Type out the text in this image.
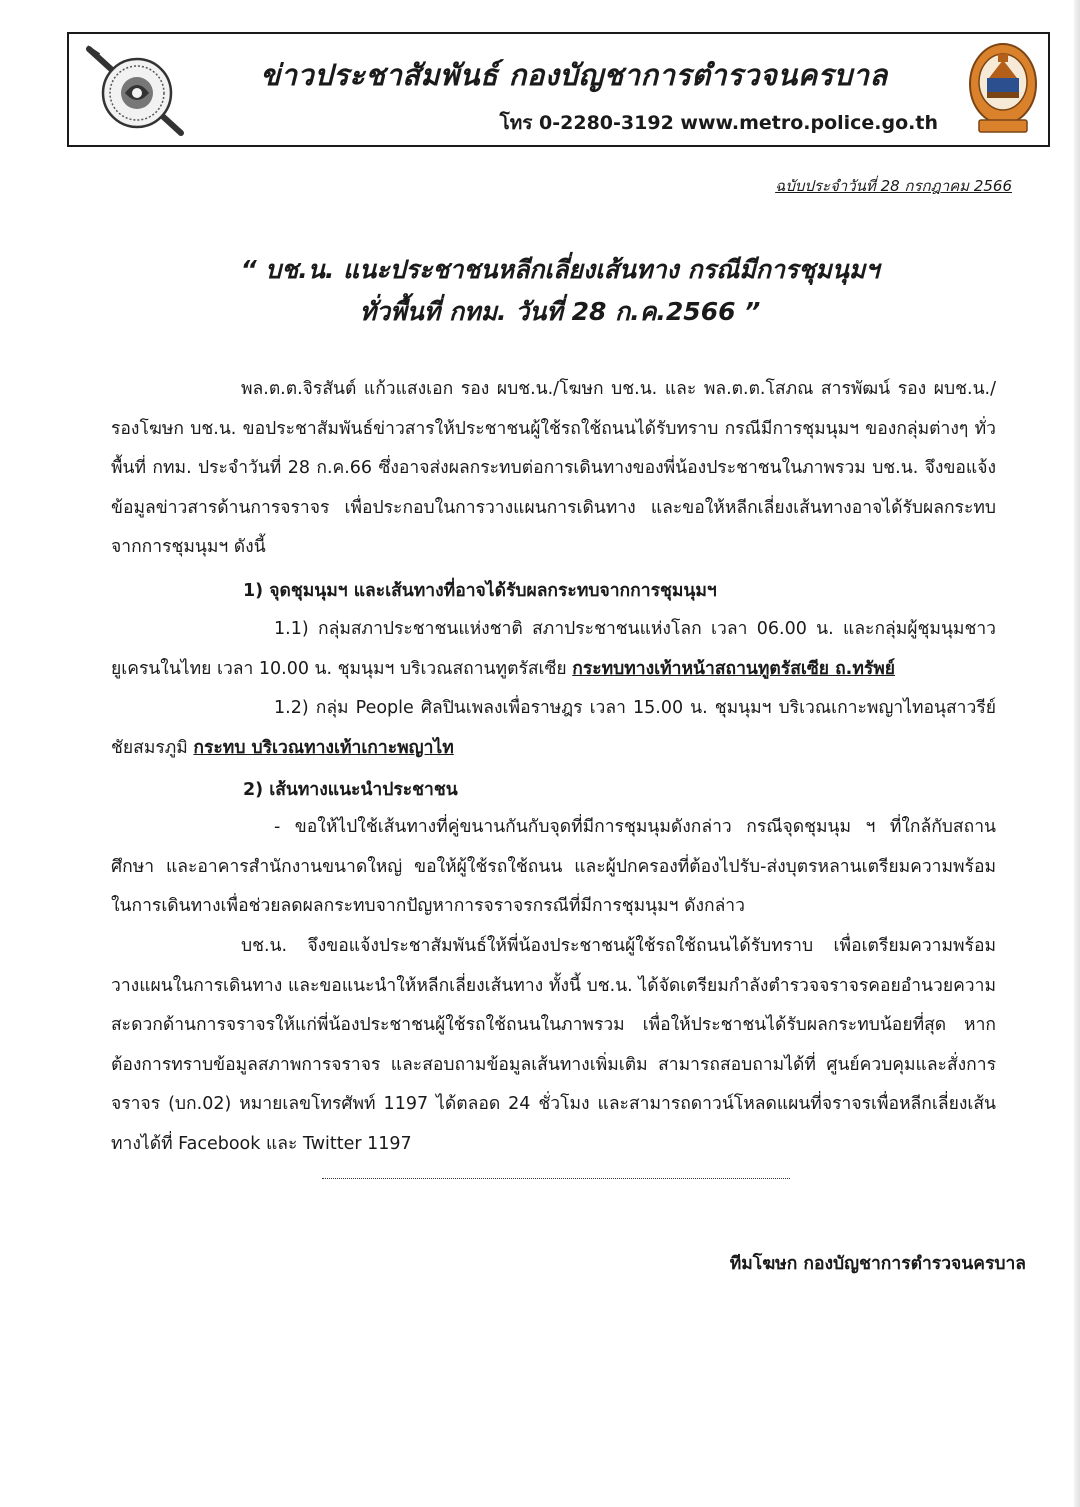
ข่าวประชาสัมพันธ์ กองบัญชาการตำรวจนครบาล
โทร 0-2280-3192 www.metro.police.go.th
ฉบับประจำวันที่ 28 กรกฎาคม 2566
“ บช.น. แนะประชาชนหลีกเลี่ยงเส้นทาง กรณีมีการชุมนุมฯ
ทั่วพื้นที่ กทม. วันที่ 28 ก.ค.2566 ”

พล.ต.ต.จิรสันต์ แก้วแสงเอก รอง ผบช.น./โฆษก บช.น. และ พล.ต.ต.โสภณ สารพัฒน์ รอง ผบช.น./ รองโฆษก บช.น. ขอประชาสัมพันธ์ข่าวสารให้ประชาชนผู้ใช้รถใช้ถนนได้รับทราบ กรณีมีการชุมนุมฯ ของกลุ่มต่างๆ ทั่วพื้นที่ กทม. ประจำวันที่ 28 ก.ค.66 ซึ่งอาจส่งผลกระทบต่อการเดินทางของพี่น้องประชาชนในภาพรวม บช.น. จึงขอแจ้งข้อมูลข่าวสารด้านการจราจร เพื่อประกอบในการวางแผนการเดินทาง และขอให้หลีกเลี่ยงเส้นทางอาจได้รับผลกระทบจากการชุมนุมฯ ดังนี้

1) จุดชุมนุมฯ และเส้นทางที่อาจได้รับผลกระทบจากการชุมนุมฯ

1.1) กลุ่มสภาประชาชนแห่งชาติ สภาประชาชนแห่งโลก เวลา 06.00 น. และกลุ่มผู้ชุมนุมชาวยูเครนในไทย เวลา 10.00 น. ชุมนุมฯ บริเวณสถานทูตรัสเซีย กระทบทางเท้าหน้าสถานทูตรัสเซีย ถ.ทรัพย์

1.2) กลุ่ม People ศิลปินเพลงเพื่อราษฎร เวลา 15.00 น. ชุมนุมฯ บริเวณเกาะพญาไทอนุสาวรีย์ชัยสมรภูมิ กระทบ บริเวณทางเท้าเกาะพญาไท

2) เส้นทางแนะนำประชาชน

- ขอให้ไปใช้เส้นทางที่คู่ขนานกันกับจุดที่มีการชุมนุมดังกล่าว กรณีจุดชุมนุม ฯ ที่ใกล้กับสถานศึกษา และอาคารสำนักงานขนาดใหญ่ ขอให้ผู้ใช้รถใช้ถนน และผู้ปกครองที่ต้องไปรับ-ส่งบุตรหลานเตรียมความพร้อมในการเดินทางเพื่อช่วยลดผลกระทบจากปัญหาการจราจรกรณีที่มีการชุมนุมฯ ดังกล่าว

บช.น. จึงขอแจ้งประชาสัมพันธ์ให้พี่น้องประชาชนผู้ใช้รถใช้ถนนได้รับทราบ เพื่อเตรียมความพร้อมวางแผนในการเดินทาง และขอแนะนำให้หลีกเลี่ยงเส้นทาง ทั้งนี้ บช.น. ได้จัดเตรียมกำลังตำรวจจราจรคอยอำนวยความสะดวกด้านการจราจรให้แก่พี่น้องประชาชนผู้ใช้รถใช้ถนนในภาพรวม เพื่อให้ประชาชนได้รับผลกระทบน้อยที่สุด หากต้องการทราบข้อมูลสภาพการจราจร และสอบถามข้อมูลเส้นทางเพิ่มเติม สามารถสอบถามได้ที่ ศูนย์ควบคุมและสั่งการจราจร (บก.02) หมายเลขโทรศัพท์ 1197 ได้ตลอด 24 ชั่วโมง และสามารถดาวน์โหลดแผนที่จราจรเพื่อหลีกเลี่ยงเส้นทางได้ที่ Facebook และ Twitter 1197

ทีมโฆษก กองบัญชาการตำรวจนครบาล
